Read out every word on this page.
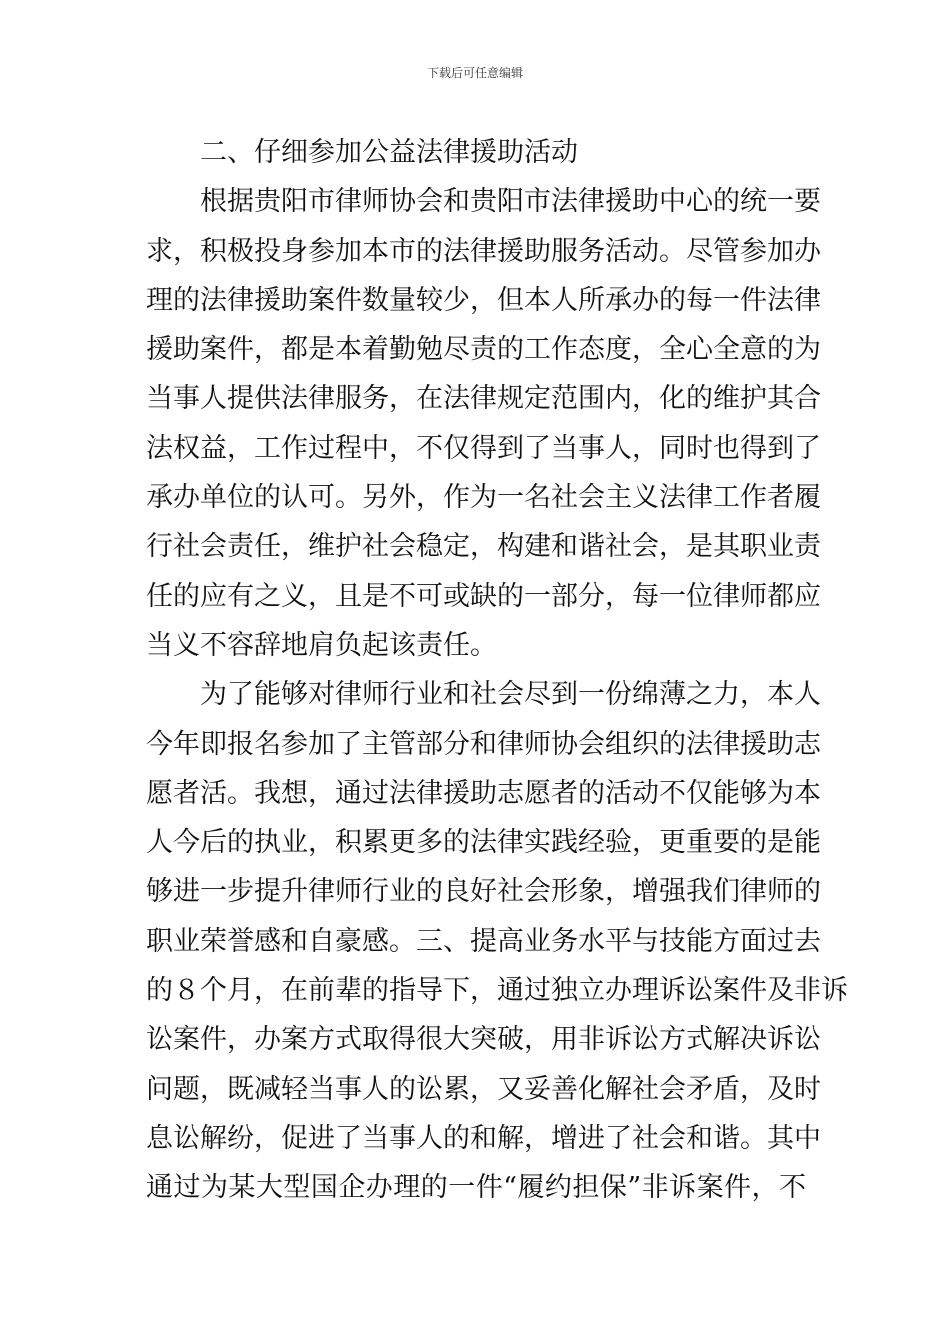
下载后可任意编辑
二、仔细参加公益法律援助活动
根据贵阳市律师协会和贵阳市法律援助中心的统一要
求，积极投身参加本市的法律援助服务活动。尽管参加办
理的法律援助案件数量较少，但本人所承办的每一件法律
援助案件，都是本着勤勉尽责的工作态度，全心全意的为
当事人提供法律服务，在法律规定范围内，化的维护其合
法权益，工作过程中，不仅得到了当事人，同时也得到了
承办单位的认可。另外，作为一名社会主义法律工作者履
行社会责任，维护社会稳定，构建和谐社会，是其职业责
任的应有之义，且是不可或缺的一部分，每一位律师都应
当义不容辞地肩负起该责任。
为了能够对律师行业和社会尽到一份绵薄之力，本人
今年即报名参加了主管部分和律师协会组织的法律援助志
愿者活。我想，通过法律援助志愿者的活动不仅能够为本
人今后的执业，积累更多的法律实践经验，更重要的是能
够进一步提升律师行业的良好社会形象，增强我们律师的
职业荣誉感和自豪感。三、提高业务水平与技能方面过去
的８个月，在前辈的指导下，通过独立办理诉讼案件及非诉
讼案件，办案方式取得很大突破，用非诉讼方式解决诉讼
问题，既减轻当事人的讼累，又妥善化解社会矛盾，及时
息讼解纷，促进了当事人的和解，增进了社会和谐。其中
通过为某大型国企办理的一件“履约担保”非诉案件，不
